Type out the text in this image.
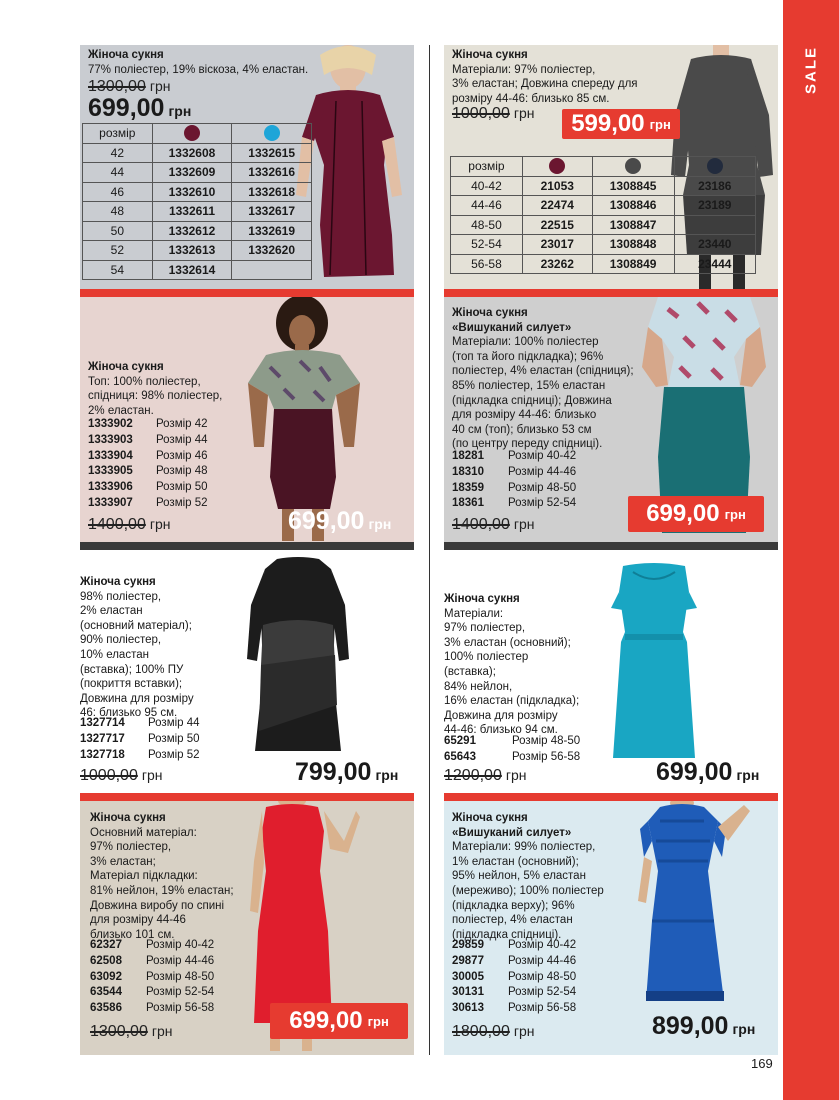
SALE
Жіноча сукня
77% поліестер, 19% віскоза, 4% еластан.
1300,00 грн
699,00 грн
розмір		
42	1332608	1332615
44	1332609	1332616
46	1332610	1332618
48	1332611	1332617
50	1332612	1332619
52	1332613	1332620
54	1332614	
Жіноча сукня
Матеріали: 97% поліестер,
3% еластан; Довжина спереду для
розміру 44-46: близько 85 см.
1000,00 грн 599,00 грн
розмір			
40-42	21053	1308845	23186
44-46	22474	1308846	23189
48-50	22515	1308847	
52-54	23017	1308848	23440
56-58	23262	1308849	23444
Жіноча сукня
Топ: 100% поліестер,
спідниця: 98% поліестер,
2% еластан.
1333902	Розмір 42
1333903	Розмір 44
1333904	Розмір 46
1333905	Розмір 48
1333906	Розмір 50
1333907	Розмір 52
1400,00 грн	699,00 грн
Жіноча сукня
«Вишуканий силует»
Матеріали: 100% поліестер
(топ та його підкладка); 96%
поліестер, 4% еластан (спідниця);
85% поліестер, 15% еластан
(підкладка спідниці); Довжина
для розміру 44-46: близько
40 см (топ); близько 53 см
(по центру переду спідниці).
18281	Розмір 40-42
18310	Розмір 44-46
18359	Розмір 48-50
18361	Розмір 52-54
1400,00 грн	699,00 грн
Жіноча сукня
98% поліестер,
2% еластан
(основний матеріал);
90% поліестер,
10% еластан
(вставка); 100% ПУ
(покриття вставки);
Довжина для розміру
46: близько 95 см.
1327714	Розмір 44
1327717	Розмір 50
1327718	Розмір 52
1000,00 грн	799,00 грн
Жіноча сукня
Матеріали:
97% поліестер,
3% еластан (основний);
100% поліестер
(вставка);
84% нейлон,
16% еластан (підкладка);
Довжина для розміру
44-46: близько 94 см.
65291	Розмір 48-50
65643	Розмір 56-58
1200,00 грн	699,00 грн
Жіноча сукня
Основний матеріал:
97% поліестер,
3% еластан;
Матеріал підкладки:
81% нейлон, 19% еластан;
Довжина виробу по спині
для розміру 44-46
близько 101 см.
62327	Розмір 40-42
62508	Розмір 44-46
63092	Розмір 48-50
63544	Розмір 52-54
63586	Розмір 56-58
1300,00 грн	699,00 грн
Жіноча сукня
«Вишуканий силует»
Матеріали: 99% поліестер,
1% еластан (основний);
95% нейлон, 5% еластан
(мереживо); 100% поліестер
(підкладка верху); 96%
поліестер, 4% еластан
(підкладка спідниці).
29859	Розмір 40-42
29877	Розмір 44-46
30005	Розмір 48-50
30131	Розмір 52-54
30613	Розмір 56-58
1800,00 грн	899,00 грн
169
